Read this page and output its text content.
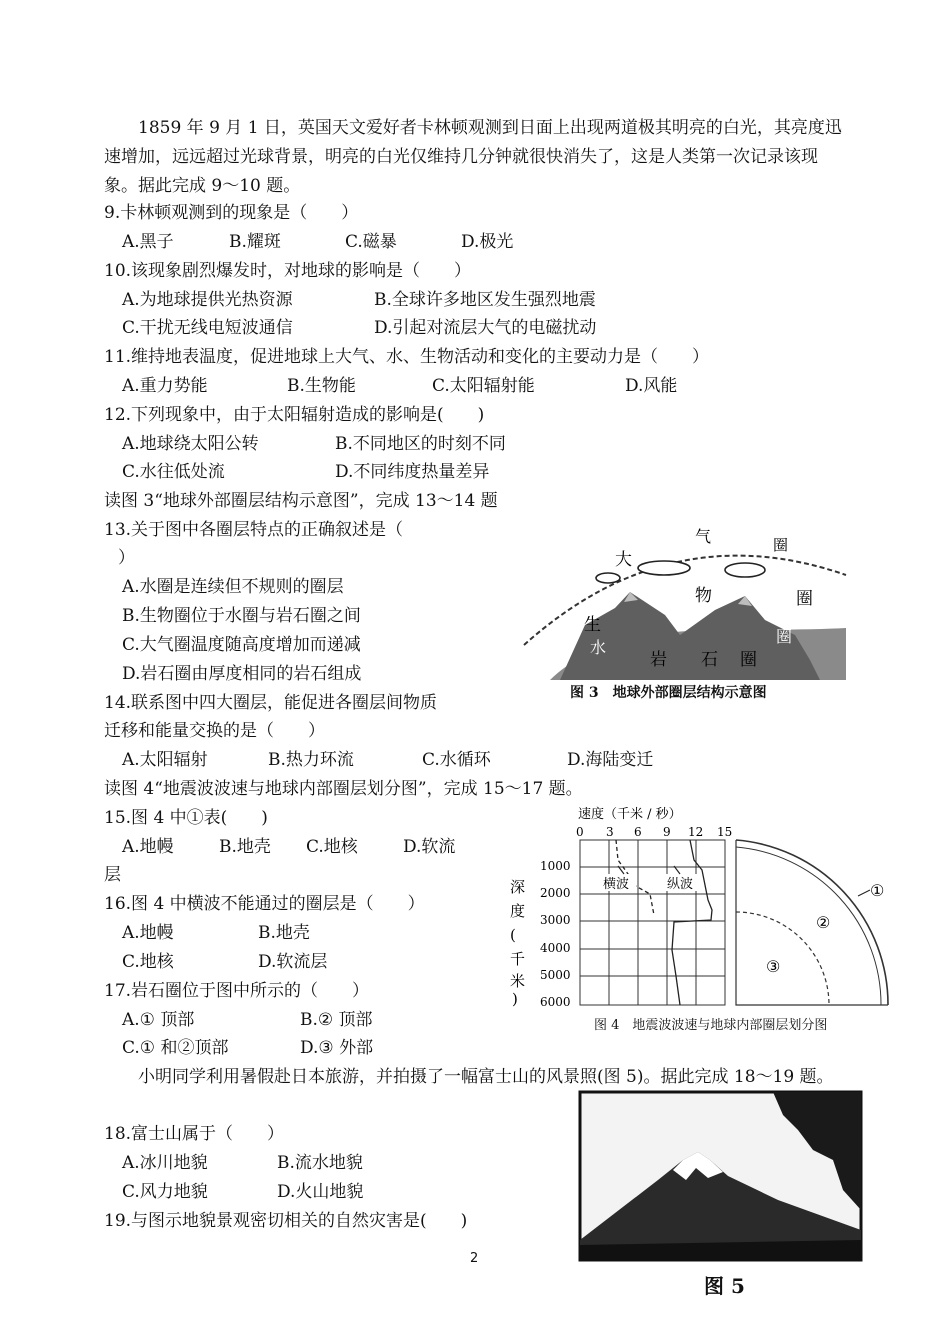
　　1859 年 9 月 1 日，英国天文爱好者卡林顿观测到日面上出现两道极其明亮的白光，其亮度迅速增加，远远超过光球背景，明亮的白光仅维持几分钟就很快消失了，这是人类第一次记录该现象。据此完成 9～10 题。
9.卡林顿观测到的现象是（　　）
A.黑子	B.耀斑	C.磁暴	D.极光
10.该现象剧烈爆发时，对地球的影响是（　　）
A.为地球提供光热资源	B.全球许多地区发生强烈地震
C.干扰无线电短波通信	D.引起对流层大气的电磁扰动
11.维持地表温度，促进地球上大气、水、生物活动和变化的主要动力是（　　）
A.重力势能	B.生物能	C.太阳辐射能	D.风能
12.下列现象中，由于太阳辐射造成的影响是(　　)
A.地球绕太阳公转	B.不同地区的时刻不同
C.水往低处流	D.不同纬度热量差异
读图 3“地球外部圈层结构示意图”，完成 13～14 题
13.关于图中各圈层特点的正确叙述是（
）
A.水圈是连续但不规则的圈层
B.生物圈位于水圈与岩石圈之间
C.大气圈温度随高度增加而递减
D.岩石圈由厚度相同的岩石组成
14.联系图中四大圈层，能促进各圈层间物质
迁移和能量交换的是（　　）
A.太阳辐射	B.热力环流	C.水循环	D.海陆变迁
读图 4“地震波波速与地球内部圈层划分图”，完成 15～17 题。
15.图 4 中①表(　　)
A.地幔	B.地壳 C.地核	D.软流
层
16.图 4 中横波不能通过的圈层是（　　）
A.地幔	B.地壳
C.地核	D.软流层
17.岩石圈位于图中所示的（　　）
A.① 顶部	B.② 顶部
C.① 和②顶部	D.③ 外部
　　小明同学利用暑假赴日本旅游，并拍摄了一幅富士山的风景照(图 5)。据此完成 18～19 题。
18.富士山属于（　　）
A.冰川地貌	B.流水地貌
C.风力地貌	D.火山地貌
19.与图示地貌景观密切相关的自然灾害是(　　)
2
大
气	圈
生
物	圈
水
岩 石 圈
圈
图 3　地球外部圈层结构示意图
速度（千米 / 秒）
0 3 6 9 12 15
1000
2000
3000
4000
5000
6000
深
度
(
千
米
)
横波	纵波	①
②
③
图 4　地震波波速与地球内部圈层划分图
图 5
